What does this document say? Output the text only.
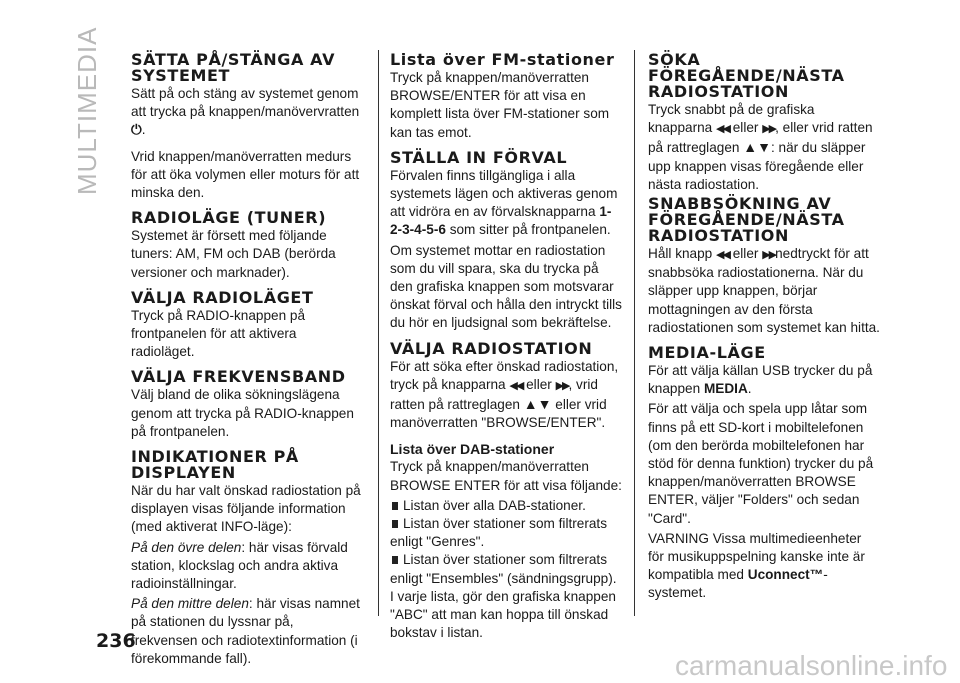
MULTIMEDIA SÄTTA PÅ/STÄNGA AV SYSTEMET

Sätt på och stäng av systemet genom att trycka på knappen/manövervratten
⏻.

Vrid knappen/manöverratten medurs för att öka volymen eller moturs för att minska den.

RADIOLÄGE (TUNER)

Systemet är försett med följande tuners: AM, FM och DAB (berörda versioner och marknader).

VÄLJA RADIOLÄGET

Tryck på RADIO-knappen på frontpanelen för att aktivera radioläget.

VÄLJA FREKVENSBAND

Välj bland de olika sökningslägena genom att trycka på RADIO-knappen på frontpanelen.

INDIKATIONER PÅ DISPLAYEN

När du har valt önskad radiostation på displayen visas följande information (med aktiverat INFO-läge):

På den övre delen: här visas förvald station, klockslag och andra aktiva radioinställningar.

På den mittre delen: här visas namnet på stationen du lyssnar på, frekvensen och radiotextinformation (i förekommande fall).

Lista över FM-stationer

Tryck på knappen/manöverratten BROWSE/ENTER för att visa en komplett lista över FM-stationer som kan tas emot.

STÄLLA IN FÖRVAL

Förvalen finns tillgängliga i alla systemets lägen och aktiveras genom att vidröra en av förvalsknapparna 1-2-3-4-5-6 som sitter på frontpanelen.

Om systemet mottar en radiostation som du vill spara, ska du trycka på den grafiska knappen som motsvarar önskat förval och hålla den intryckt tills du hör en ljudsignal som bekräftelse.

VÄLJA RADIOSTATION

För att söka efter önskad radiostation, tryck på knapparna ◀◀ eller ▶▶, vrid ratten på rattreglagen ▲▼ eller vrid manöverratten "BROWSE/ENTER".

Lista över DAB-stationer

Tryck på knappen/manöverratten BROWSE ENTER för att visa följande:

Listan över alla DAB-stationer.
Listan över stationer som filtrerats enligt "Genres".
Listan över stationer som filtrerats enligt "Ensembles" (sändningsgrupp).

I varje lista, gör den grafiska knappen "ABC" att man kan hoppa till önskad bokstav i listan.

SÖKA FÖREGÅENDE/NÄSTA RADIOSTATION

Tryck snabbt på de grafiska knapparna ◀◀ eller ▶▶, eller vrid ratten på rattreglagen ▲▼: när du släpper upp knappen visas föregående eller nästa radiostation.

SNABBSÖKNING AV FÖREGÅENDE/NÄSTA RADIOSTATION

Håll knapp ◀◀ eller ▶▶nedtryckt för att snabbsöka radiostationerna. När du släpper upp knappen, börjar mottagningen av den första radiostationen som systemet kan hitta.

MEDIA-LÄGE

För att välja källan USB trycker du på knappen MEDIA.

För att välja och spela upp låtar som finns på ett SD-kort i mobiltelefonen (om den berörda mobiltelefonen har stöd för denna funktion) trycker du på knappen/manöverratten BROWSE ENTER, väljer "Folders" och sedan "Card".

VARNING Vissa multimedieenheter för musikuppspelning kanske inte är kompatibla med Uconnect™-systemet.

236
carmanualsonline.info
